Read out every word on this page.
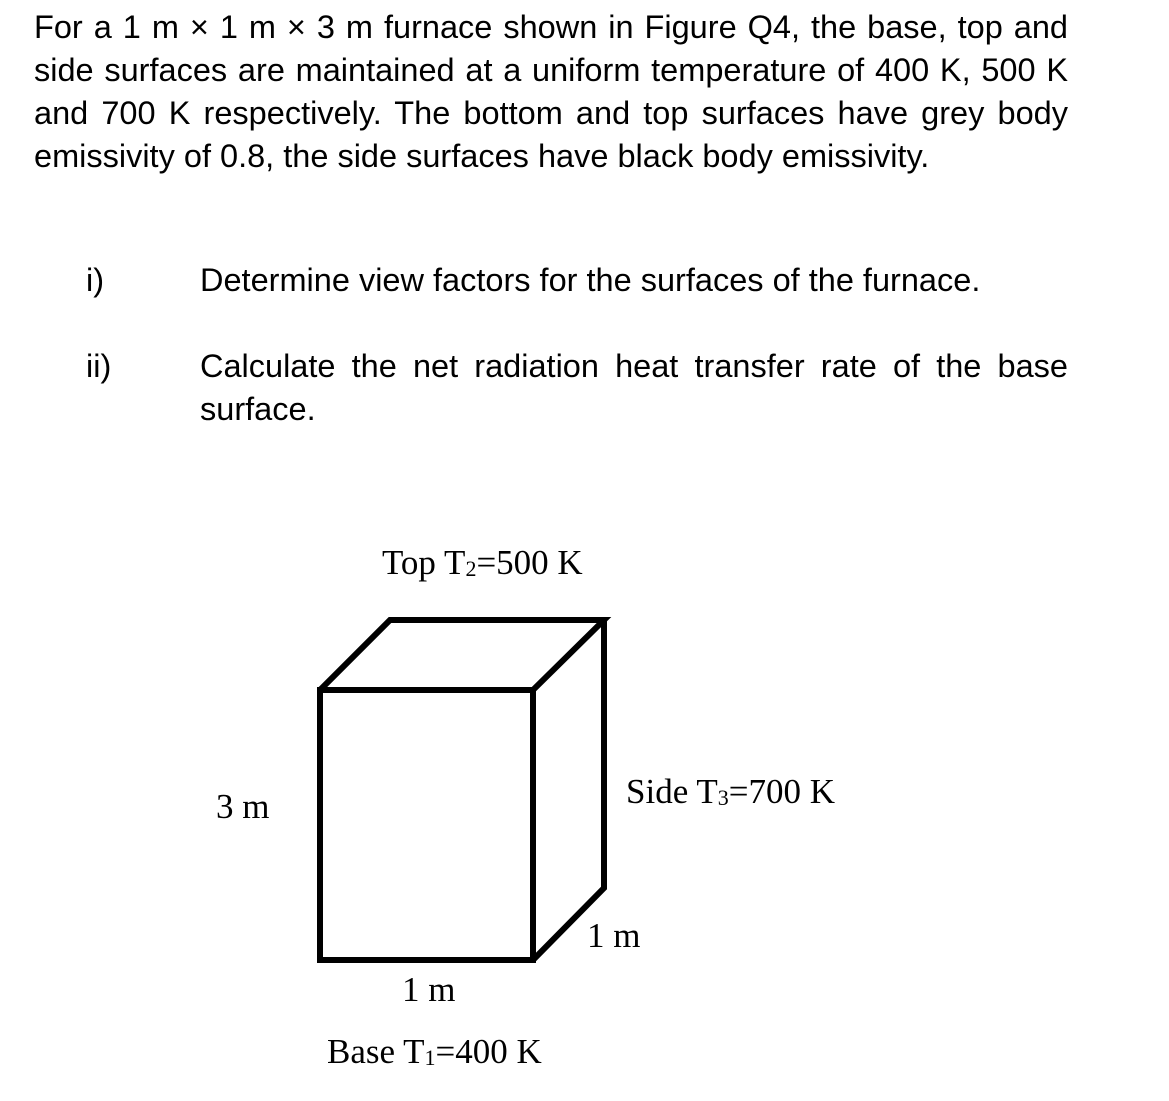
For a 1 m × 1 m × 3 m furnace shown in Figure Q4, the base, top and side surfaces are maintained at a uniform temperature of 400 K, 500 K and 700 K respectively. The bottom and top surfaces have grey body emissivity of 0.8, the side surfaces have black body emissivity.

i)	Determine view factors for the surfaces of the furnace.
ii)	Calculate the net radiation heat transfer rate of the base surface.
Top $T_2=500$ K
Side $T_3=700$ K
3 m
1 m
1 m
Base $T_1=400$ K
